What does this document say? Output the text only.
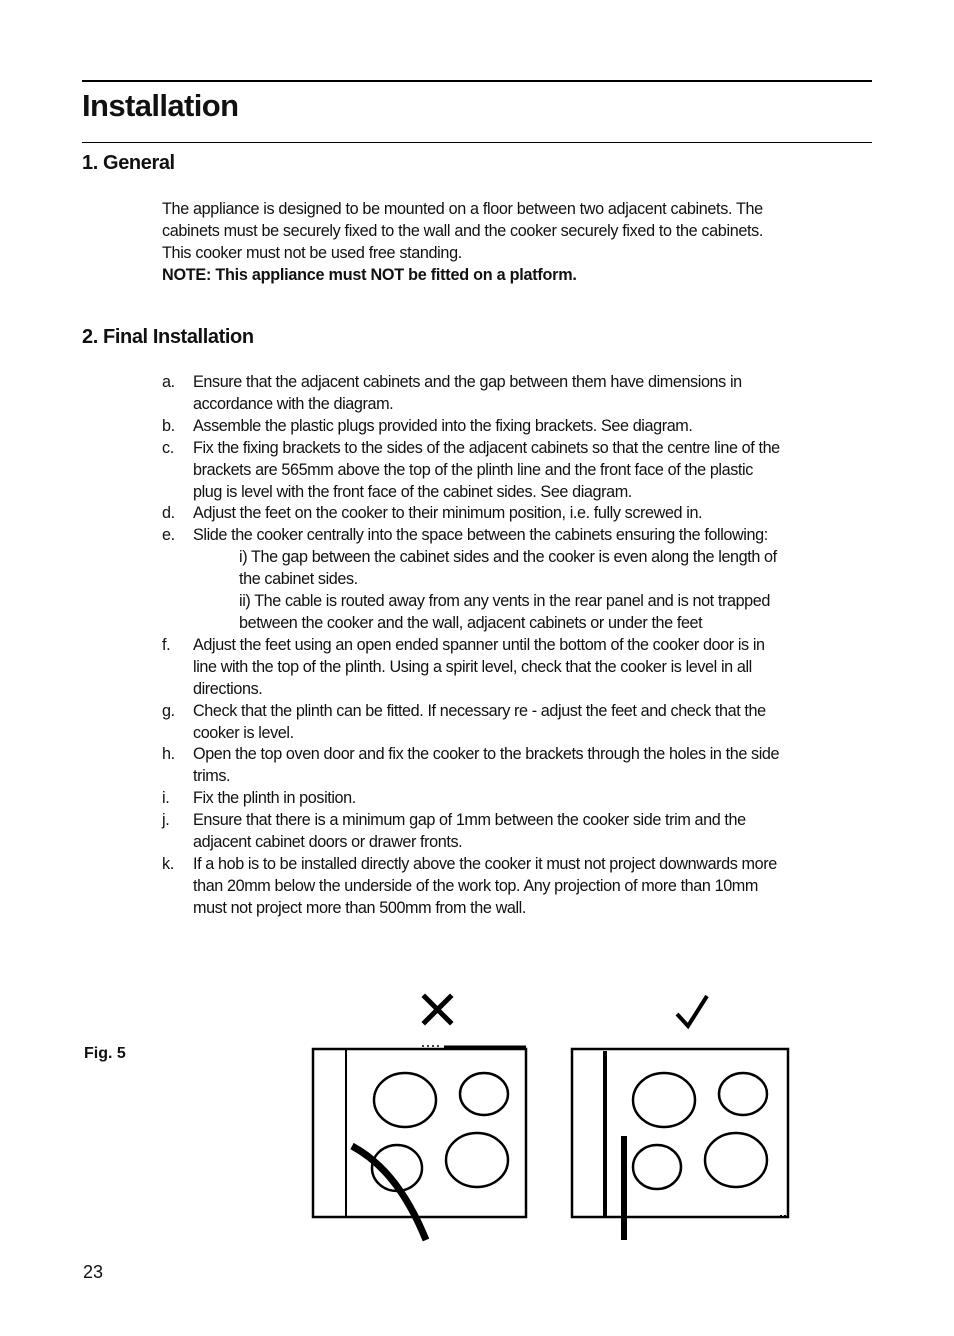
Installation
1. General

The appliance is designed to be mounted on a floor between two adjacent cabinets. The

cabinets must be securely fixed to the wall and the cooker securely fixed to the cabinets.

This cooker must not be used free standing.

NOTE: This appliance must NOT be fitted on a platform.

2. Final Installation
a.	Ensure that the adjacent cabinets and the gap between them have dimensions in
accordance with the diagram.
b.	Assemble the plastic plugs provided into the fixing brackets. See diagram.
c.	Fix the fixing brackets to the sides of the adjacent cabinets so that the centre line of the
brackets are 565mm above the top of the plinth line and the front face of the plastic
plug is level with the front face of the cabinet sides. See diagram.
d.	Adjust the feet on the cooker to their minimum position, i.e. fully screwed in.
e.	Slide the cooker centrally into the space between the cabinets ensuring the following:
i) The gap between the cabinet sides and the cooker is even along the length of
the cabinet sides.
ii) The cable is routed away from any vents in the rear panel and is not trapped
between the cooker and the wall, adjacent cabinets or under the feet
f.	Adjust the feet using an open ended spanner until the bottom of the cooker door is in
line with the top of the plinth. Using a spirit level, check that the cooker is level in all
directions.
g.	Check that the plinth can be fitted. If necessary re - adjust the feet and check that the
cooker is level.
h.	Open the top oven door and fix the cooker to the brackets through the holes in the side
trims.
i.	Fix the plinth in position.
j.	Ensure that there is a minimum gap of 1mm between the cooker side trim and the
adjacent cabinet doors or drawer fronts.
k.	If a hob is to be installed directly above the cooker it must not project downwards more
than 20mm below the underside of the work top. Any projection of more than 10mm
must not project more than 500mm from the wall.
Fig. 5
23
